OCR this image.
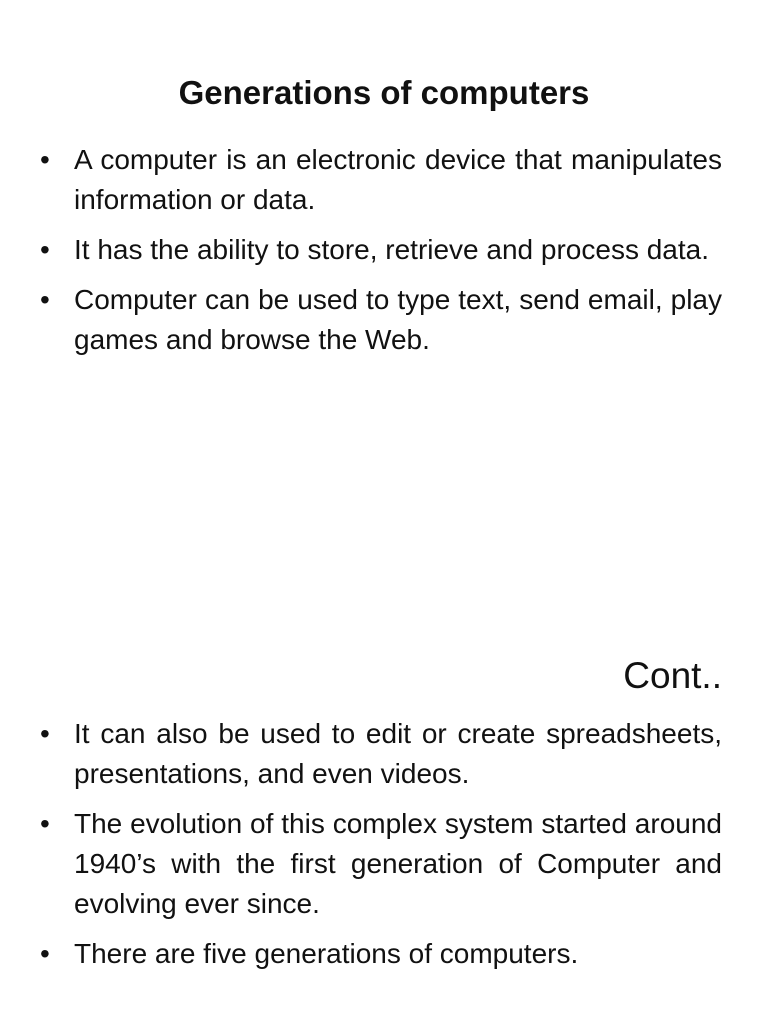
Generations of computers
• A computer is an electronic device that manipulates information or data.
• It has the ability to store, retrieve and process data.
• Computer can be used to type text, send email, play games and browse the Web.
Cont..
• It can also be used to edit or create spreadsheets, presentations, and even videos.
• The evolution of this complex system started around 1940’s with the first generation of Computer and evolving ever since.
• There are five generations of computers.
